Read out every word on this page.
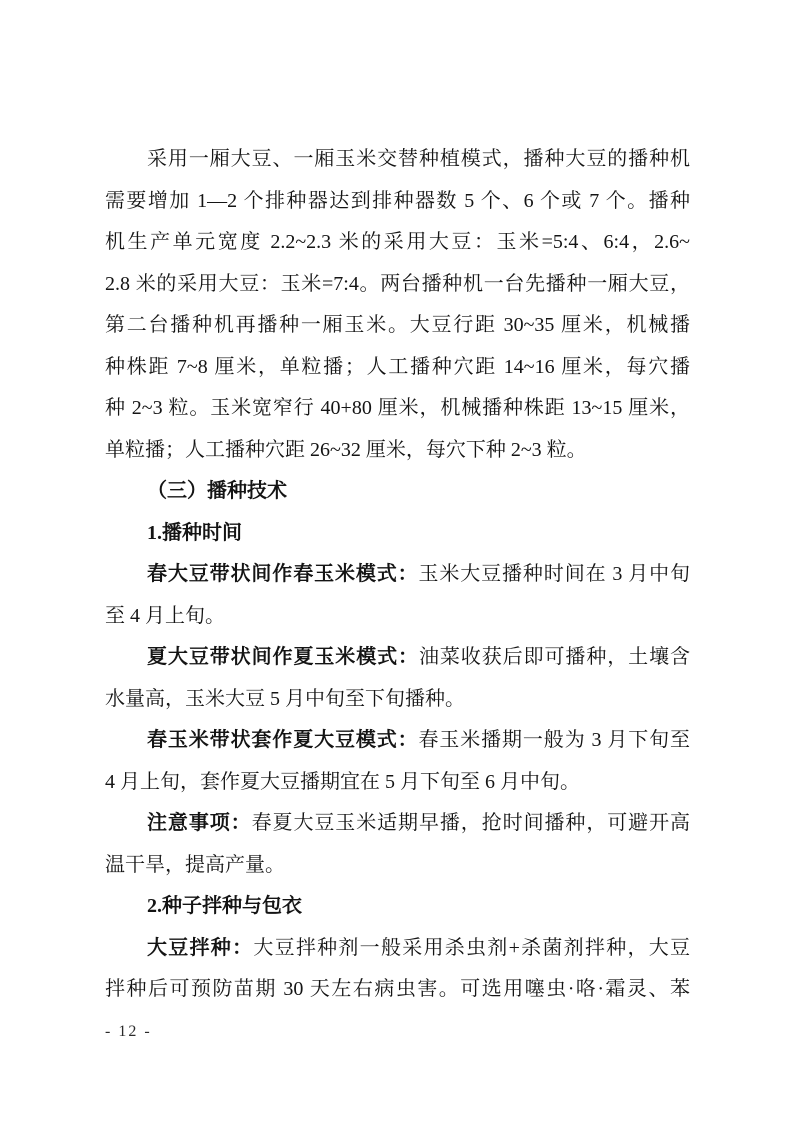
采用一厢大豆、一厢玉米交替种植模式，播种大豆的播种机
需要增加 1—2 个排种器达到排种器数 5 个、6 个或 7 个。播种
机生产单元宽度 2.2~2.3 米的采用大豆：玉米=5:4、6:4，2.6~
2.8 米的采用大豆：玉米=7:4。两台播种机一台先播种一厢大豆，
第二台播种机再播种一厢玉米。大豆行距 30~35 厘米，机械播
种株距 7~8 厘米，单粒播；人工播种穴距 14~16 厘米，每穴播
种 2~3 粒。玉米宽窄行 40+80 厘米，机械播种株距 13~15 厘米，
单粒播；人工播种穴距 26~32 厘米，每穴下种 2~3 粒。
（三）播种技术
1.播种时间
春大豆带状间作春玉米模式：玉米大豆播种时间在 3 月中旬
至 4 月上旬。
夏大豆带状间作夏玉米模式：油菜收获后即可播种，土壤含
水量高，玉米大豆 5 月中旬至下旬播种。
春玉米带状套作夏大豆模式：春玉米播期一般为 3 月下旬至
4 月上旬，套作夏大豆播期宜在 5 月下旬至 6 月中旬。
注意事项：春夏大豆玉米适期早播，抢时间播种，可避开高
温干旱，提高产量。
2.种子拌种与包衣
大豆拌种：大豆拌种剂一般采用杀虫剂+杀菌剂拌种，大豆
拌种后可预防苗期 30 天左右病虫害。可选用噻虫·咯·霜灵、苯
- 12 -
